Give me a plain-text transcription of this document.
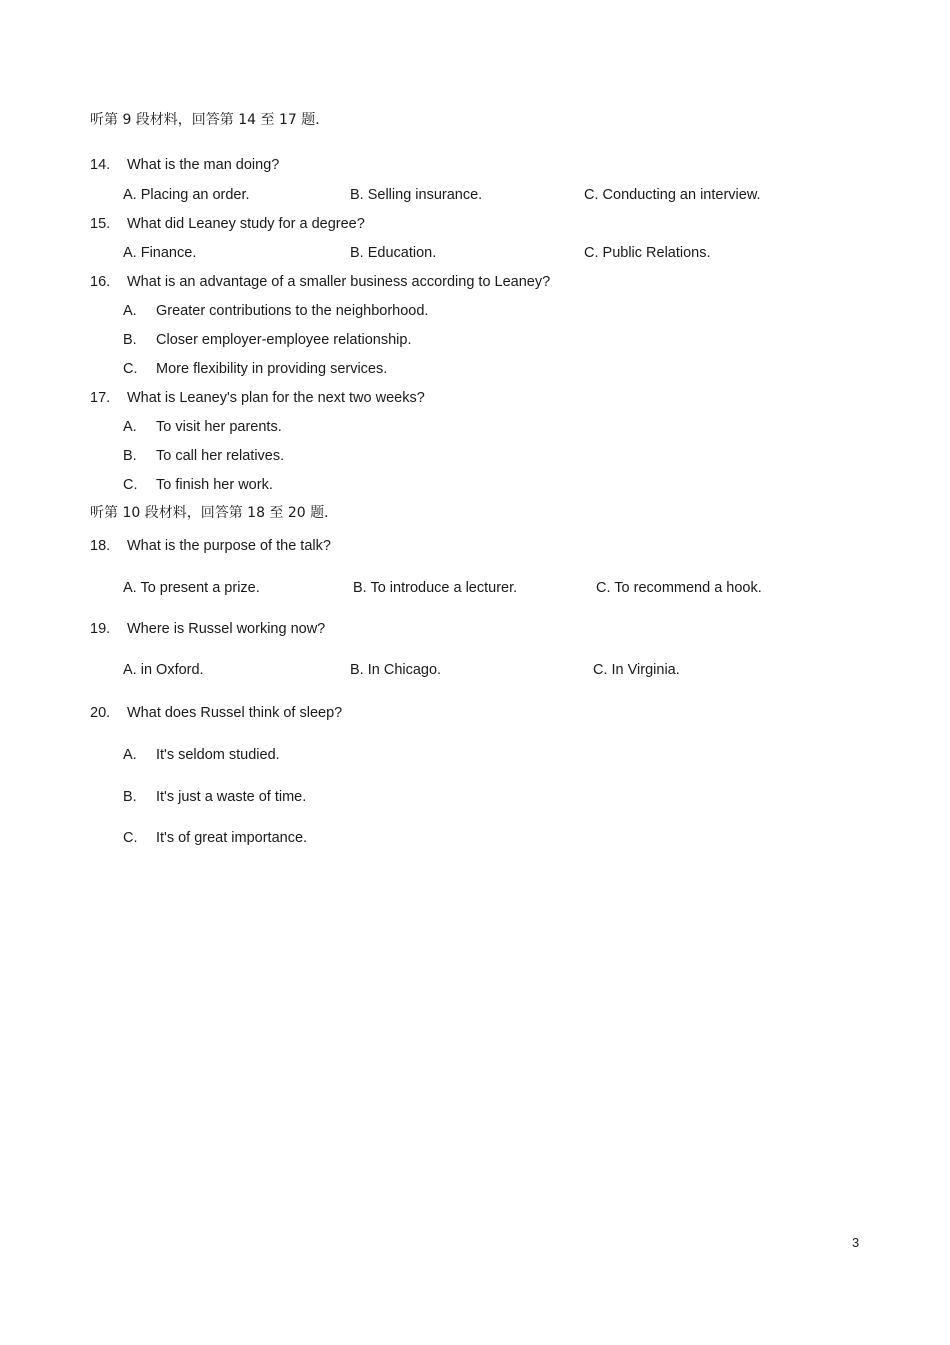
听第 9 段材料，回答第 14 至 17 题．
14. What is the man doing?
A. Placing an order.	B. Selling insurance.	C. Conducting an interview.
15. What did Leaney study for a degree?
A. Finance.	B. Education.	C. Public Relations.
16. What is an advantage of a smaller business according to Leaney?
A. Greater contributions to the neighborhood.
B. Closer employer-employee relationship.
C. More flexibility in providing services.
17. What is Leaney's plan for the next two weeks?
A. To visit her parents.
B. To call her relatives.
C. To finish her work.
听第 10 段材料，回答第 18 至 20 题．
18. What is the purpose of the talk?
A. To present a prize.	B. To introduce a lecturer.	C. To recommend a hook.
19. Where is Russel working now?
A. in Oxford.	B. In Chicago.	C. In Virginia.
20. What does Russel think of sleep?
A. It's seldom studied.
B. It's just a waste of time.
C. It's of great importance.
3
